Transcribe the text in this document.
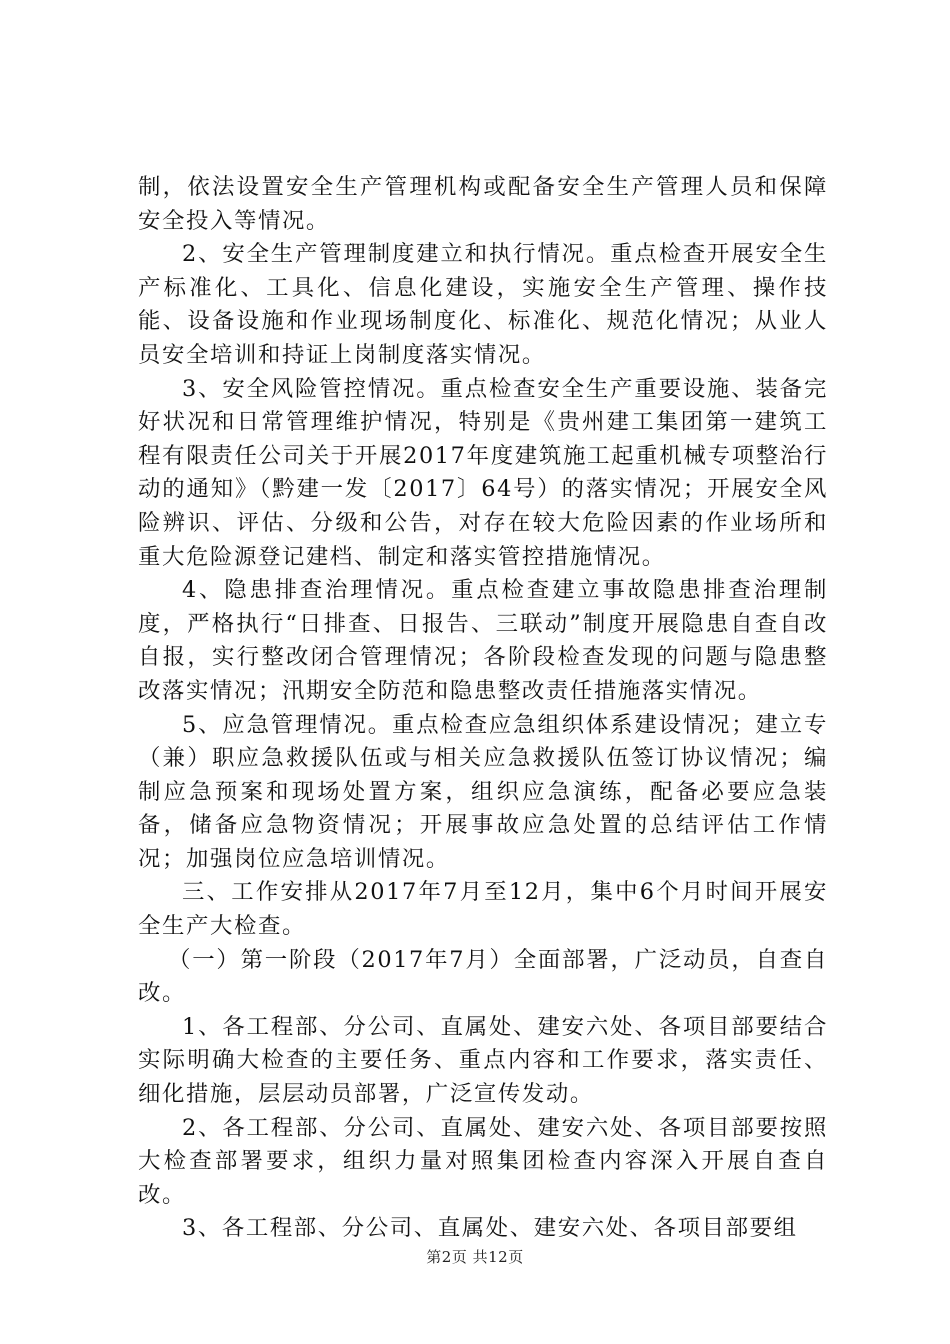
制，依法设置安全生产管理机构或配备安全生产管理人员和保障安全投入等情况。

2、安全生产管理制度建立和执行情况。重点检查开展安全生产标准化、工具化、信息化建设，实施安全生产管理、操作技能、设备设施和作业现场制度化、标准化、规范化情况；从业人员安全培训和持证上岗制度落实情况。

3、安全风险管控情况。重点检查安全生产重要设施、装备完好状况和日常管理维护情况，特别是《贵州建工集团第一建筑工程有限责任公司关于开展2017年度建筑施工起重机械专项整治行动的通知》（黔建一发〔2017〕64号）的落实情况；开展安全风险辨识、评估、分级和公告，对存在较大危险因素的作业场所和重大危险源登记建档、制定和落实管控措施情况。

4、隐患排查治理情况。重点检查建立事故隐患排查治理制度，严格执行“日排查、日报告、三联动”制度开展隐患自查自改自报，实行整改闭合管理情况；各阶段检查发现的问题与隐患整改落实情况；汛期安全防范和隐患整改责任措施落实情况。

5、应急管理情况。重点检查应急组织体系建设情况；建立专（兼）职应急救援队伍或与相关应急救援队伍签订协议情况；编制应急预案和现场处置方案，组织应急演练，配备必要应急装备，储备应急物资情况；开展事故应急处置的总结评估工作情况；加强岗位应急培训情况。

三、工作安排从2017年7月至12月，集中6个月时间开展安全生产大检查。

（一）第一阶段（2017年7月）全面部署，广泛动员，自查自改。

1、各工程部、分公司、直属处、建安六处、各项目部要结合实际明确大检查的主要任务、重点内容和工作要求，落实责任、细化措施，层层动员部署，广泛宣传发动。

2、各工程部、分公司、直属处、建安六处、各项目部要按照大检查部署要求，组织力量对照集团检查内容深入开展自查自改。

3、各工程部、分公司、直属处、建安六处、各项目部要组

第2页 共12页
